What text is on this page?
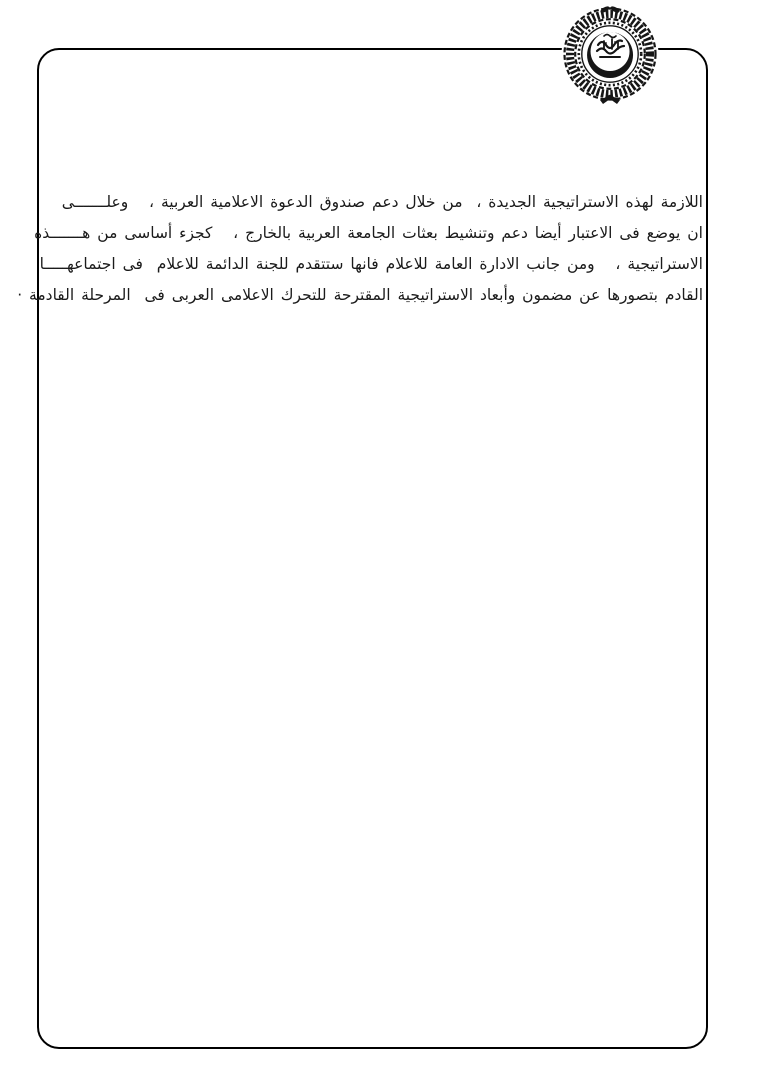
اللازمة لهذه الاستراتيجية الجديدة ،  من خلال دعم صندوق الدعوة الاعلامية العربية ،   وعلـــــــى

ان يوضع فى الاعتبار أيضا دعم وتنشيط بعثات الجامعة العربية بالخارج ،   كجزء أساسى من هـــــــذه

الاستراتيجية ،   ومن جانب الادارة العامة للاعلام فانها ستتقدم للجنة الدائمة للاعلام  فى اجتماعهـــــا

القادم بتصورها عن مضمون وأبعاد الاستراتيجية المقترحة للتحرك الاعلامى العربى فى  المرحلة القادمة ·
